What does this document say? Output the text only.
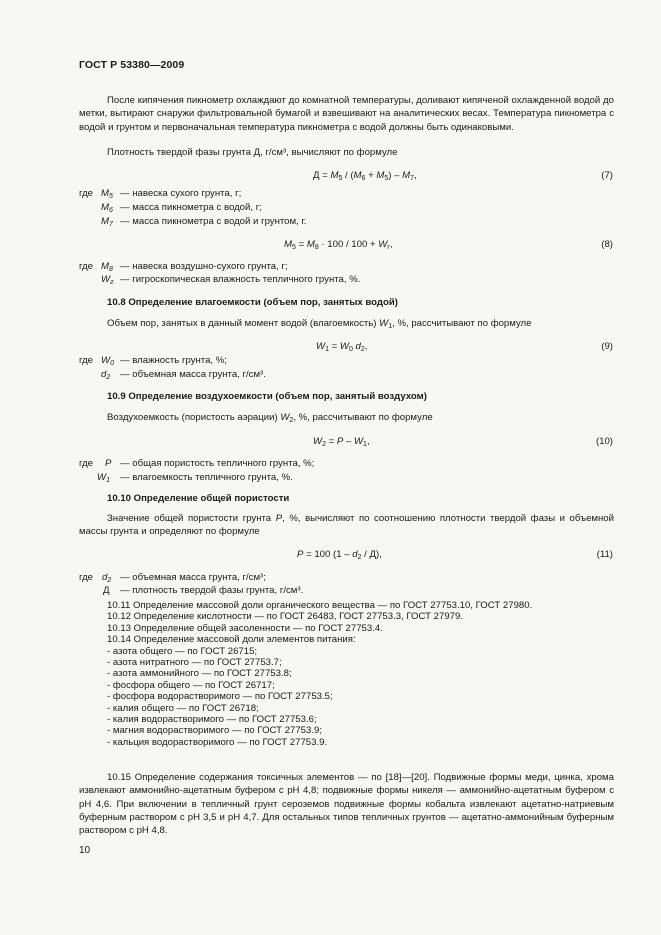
ГОСТ Р 53380—2009
После кипячения пикнометр охлаждают до комнатной температуры, доливают кипяченой охлажденной водой до метки, вытирают снаружи фильтровальной бумагой и взвешивают на аналитических весах. Температура пикнометра с водой и грунтом и первоначальная температура пикнометра с водой должны быть одинаковыми.
Плотность твердой фазы грунта Д, г/см³, вычисляют по формуле
$Д = M_5 / (M_6 + M_5) - M_7$,	(7)
где $M_5$ — навеска сухого грунта, г;
$M_6$ — масса пикнометра с водой, г;
$M_7$ — масса пикнометра с водой и грунтом, г.
$M_5 = M_8 \cdot 100 / 100 + W_г$,	(8)
где $M_8$ — навеска воздушно-сухого грунта, г;
$W_г$ — гигроскопическая влажность тепличного грунта, %.
10.8 Определение влагоемкости (объем пор, занятых водой)
Объем пор, занятых в данный момент водой (влагоемкость) $W_1$, %, рассчитывают по формуле
$W_1 = W_0$ $d_2$,	(9)
где $W_0$ — влажность грунта, %;
$d_2$ — объемная масса грунта, г/см³.
10.9 Определение воздухоемкости (объем пор, занятый воздухом)
Воздухоемкость (пористость аэрации) $W_2$, %, рассчитывают по формуле
$W_2 = P - W_1$,	(10)
где P — общая пористость тепличного грунта, %;
$W_1$ — влагоемкость тепличного грунта, %.
10.10 Определение общей пористости
Значение общей пористости грунта P, %, вычисляют по соотношению плотности твердой фазы и объемной массы грунта и определяют по формуле
P = 100 $(1 - d_2 / Д)$,	(11)
где $d_2$ — объемная масса грунта, г/см³;
Д — плотность твердой фазы грунта, г/см³.
10.11 Определение массовой доли органического вещества — по ГОСТ 27753.10, ГОСТ 27980.
10.12 Определение кислотности — по ГОСТ 26483, ГОСТ 27753.3, ГОСТ 27979.
10.13 Определение общей засоленности — по ГОСТ 27753.4.
10.14 Определение массовой доли элементов питания:
- азота общего — по ГОСТ 26715;
- азота нитратного — по ГОСТ 27753.7;
- азота аммонийного — по ГОСТ 27753.8;
- фосфора общего — по ГОСТ 26717;
- фосфора водорастворимого — по ГОСТ 27753.5;
- калия общего — по ГОСТ 26718;
- калия водорастворимого — по ГОСТ 27753.6;
- магния водорастворимого — по ГОСТ 27753.9;
- кальция водорастворимого — по ГОСТ 27753.9.
10.15 Определение содержания токсичных элементов — по [18]—[20]. Подвижные формы меди, цинка, хрома извлекают аммонийно-ацетатным буфером с pH 4,8; подвижные формы никеля — аммонийно-ацетатным буфером с pH 4,6. При включении в тепличный грунт сероземов подвижные формы кобальта извлекают ацетатно-натриевым буферным раствором с pH 3,5 и pH 4,7. Для остальных типов тепличных грунтов — ацетатно-аммонийным буферным раствором с pH 4,8.
10
